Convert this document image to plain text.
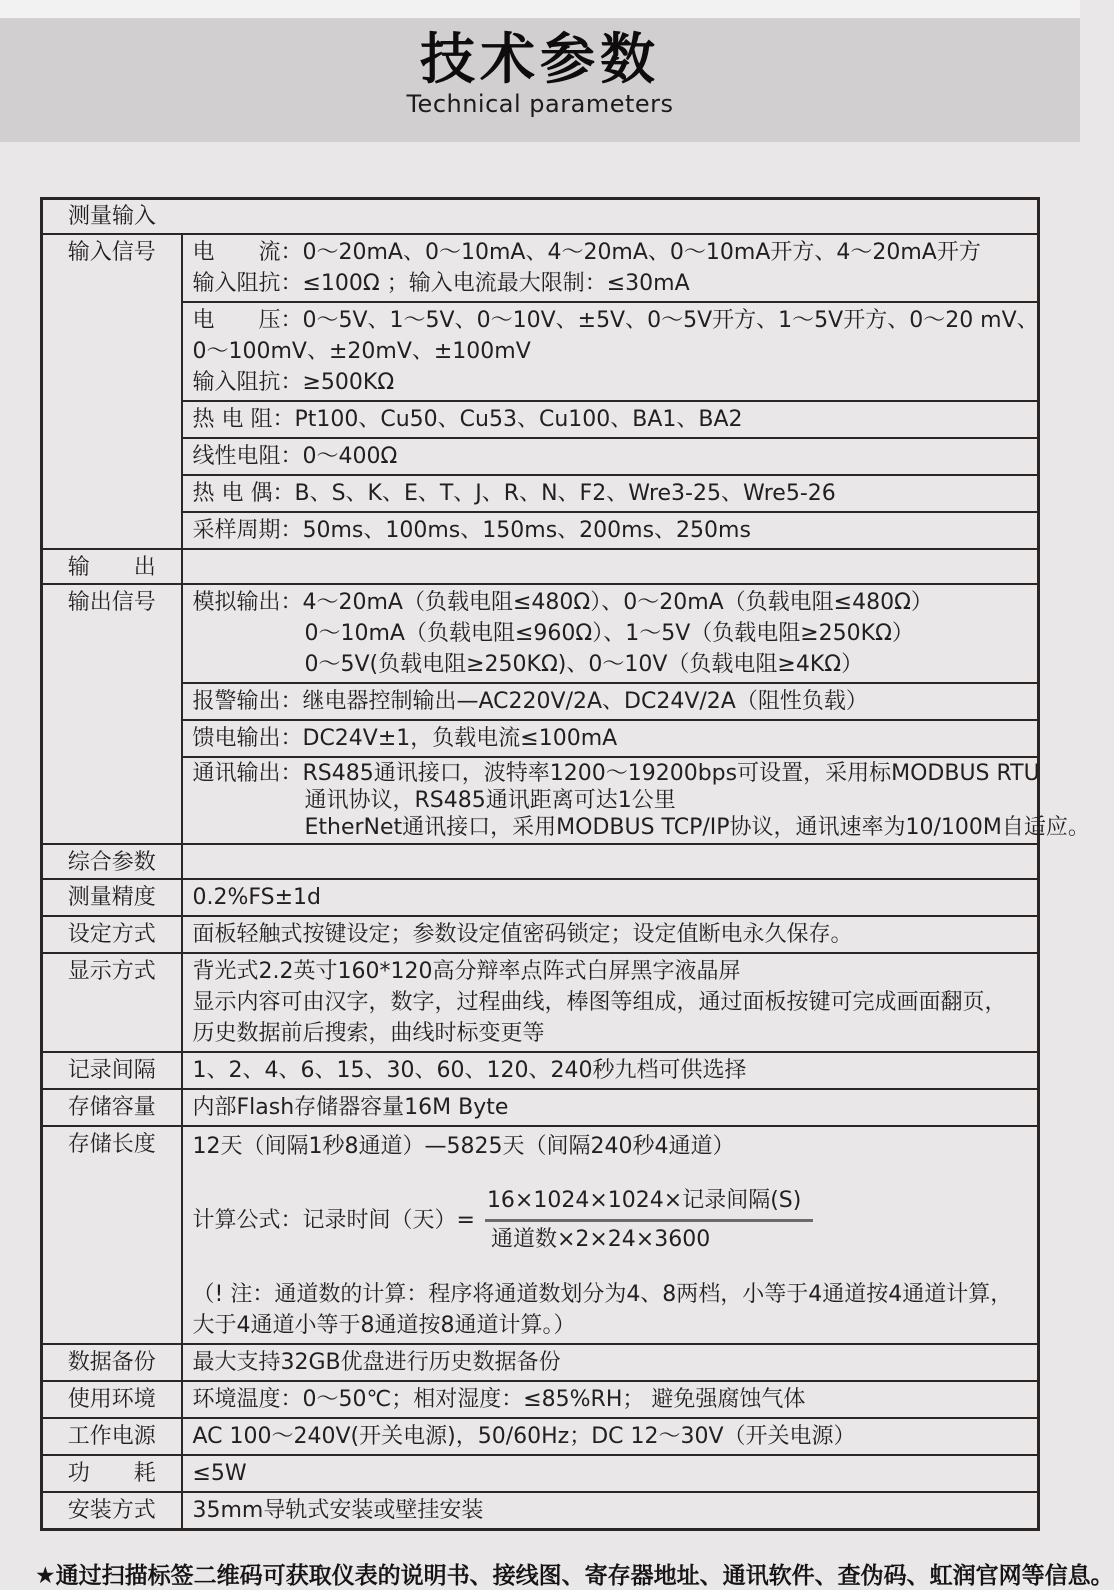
技术参数
Technical parameters
测量输入	
输入信号	电　　流：0～20mA、0～10mA、4～20mA、0～10mA开方、4～20mA开方
输入阻抗：≤100Ω ；输入电流最大限制：≤30mA

	电　　压：0～5V、1～5V、0～10V、±5V、0～5V开方、1～5V开方、0～20 mV、
0～100mV、±20mV、±100mV
输入阻抗：≥500KΩ

	热 电 阻：Pt100、Cu50、Cu53、Cu100、BA1、BA2
	线性电阻：0～400Ω
	热 电 偶：B、S、K、E、T、J、R、N、F2、Wre3-25、Wre5-26
	采样周期：50ms、100ms、150ms、200ms、250ms
输　　出	
输出信号	模拟输出：4～20mA（负载电阻≤480Ω）、0～20mA（负载电阻≤480Ω）
0～10mA（负载电阻≤960Ω）、1～5V（负载电阻≥250KΩ）
0～5V(负载电阻≥250KΩ)、0～10V（负载电阻≥4KΩ）

	报警输出：继电器控制输出—AC220V/2A、DC24V/2A（阻性负载）
	馈电输出：DC24V±1，负载电流≤100mA

	通讯输出：RS485通讯接口，波特率1200～19200bps可设置，采用标MODBUS RTU
通讯协议，RS485通讯距离可达1公里
EtherNet通讯接口，采用MODBUS TCP/IP协议，通讯速率为10/100M自适应。

综合参数	
测量精度	0.2%FS±1d
设定方式	面板轻触式按键设定；参数设定值密码锁定；设定值断电永久保存。
显示方式	背光式2.2英寸160*120高分辩率点阵式白屏黑字液晶屏
显示内容可由汉字，数字，过程曲线，棒图等组成，通过面板按键可完成画面翻页，
历史数据前后搜索，曲线时标变更等

记录间隔	1、2、4、6、15、30、60、120、240秒九档可供选择
存储容量	内部Flash存储器容量16M Byte
存储长度	12天（间隔1秒8通道）—5825天（间隔240秒4通道）
计算公式：记录时间（天）= $\frac{\text{16×1024×1024×记录间隔(S)}}{\text{通道数×2×24×3600}}$
（! 注：通道数的计算：程序将通道数划分为4、8两档，小等于4通道按4通道计算，
大于4通道小等于8通道按8通道计算。）

数据备份	最大支持32GB优盘进行历史数据备份
使用环境	环境温度：0～50℃；相对湿度：≤85%RH； 避免强腐蚀气体
工作电源	AC 100～240V(开关电源)，50/60Hz；DC 12～30V（开关电源）
功　　耗	≤5W
安装方式	35mm导轨式安装或壁挂安装
★通过扫描标签二维码可获取仪表的说明书、接线图、寄存器地址、通讯软件、查伪码、虹润官网等信息。
